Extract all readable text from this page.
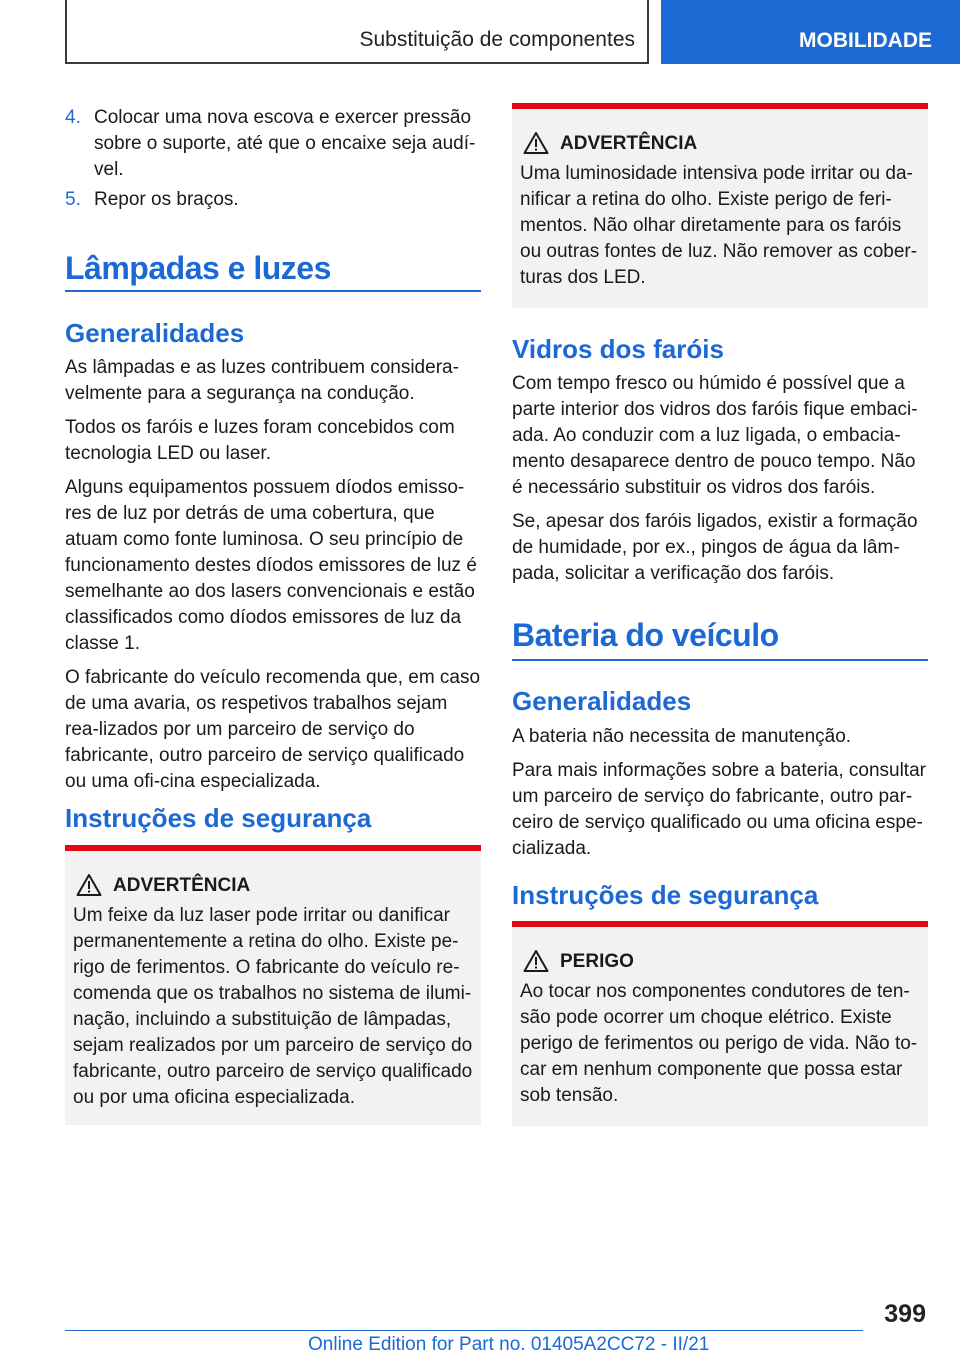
Substituição de componentes	MOBILIDADE
4. Colocar uma nova escova e exercer pressão sobre o suporte, até que o encaixe seja audí-vel.
5. Repor os braços.
Lâmpadas e luzes
Generalidades

As lâmpadas e as luzes contribuem considera-velmente para a segurança na condução.

Todos os faróis e luzes foram concebidos com tecnologia LED ou laser.

Alguns equipamentos possuem díodos emisso-res de luz por detrás de uma cobertura, que atuam como fonte luminosa. O seu princípio de funcionamento destes díodos emissores de luz é semelhante ao dos lasers convencionais e estão classificados como díodos emissores de luz da classe 1.

O fabricante do veículo recomenda que, em caso de uma avaria, os respetivos trabalhos sejam rea-lizados por um parceiro de serviço do fabricante, outro parceiro de serviço qualificado ou uma ofi-cina especializada.

Instruções de segurança
ADVERTÊNCIA
Um feixe da luz laser pode irritar ou danificar permanentemente a retina do olho. Existe pe-rigo de ferimentos. O fabricante do veículo re-comenda que os trabalhos no sistema de ilumi-nação, incluindo a substituição de lâmpadas, sejam realizados por um parceiro de serviço do fabricante, outro parceiro de serviço qualificado ou por uma oficina especializada.
ADVERTÊNCIA
Uma luminosidade intensiva pode irritar ou da-nificar a retina do olho. Existe perigo de feri-mentos. Não olhar diretamente para os faróis ou outras fontes de luz. Não remover as cober-turas dos LED.
Vidros dos faróis

Com tempo fresco ou húmido é possível que a parte interior dos vidros dos faróis fique embaci-ada. Ao conduzir com a luz ligada, o embacia-mento desaparece dentro de pouco tempo. Não é necessário substituir os vidros dos faróis.

Se, apesar dos faróis ligados, existir a formação de humidade, por ex., pingos de água da lâm-pada, solicitar a verificação dos faróis.

Bateria do veículo
Generalidades

A bateria não necessita de manutenção.

Para mais informações sobre a bateria, consultar um parceiro de serviço do fabricante, outro par-ceiro de serviço qualificado ou uma oficina espe-cializada.

Instruções de segurança
PERIGO
Ao tocar nos componentes condutores de ten-são pode ocorrer um choque elétrico. Existe perigo de ferimentos ou perigo de vida. Não to-car em nenhum componente que possa estar sob tensão.
399
Online Edition for Part no. 01405A2CC72 - II/21
